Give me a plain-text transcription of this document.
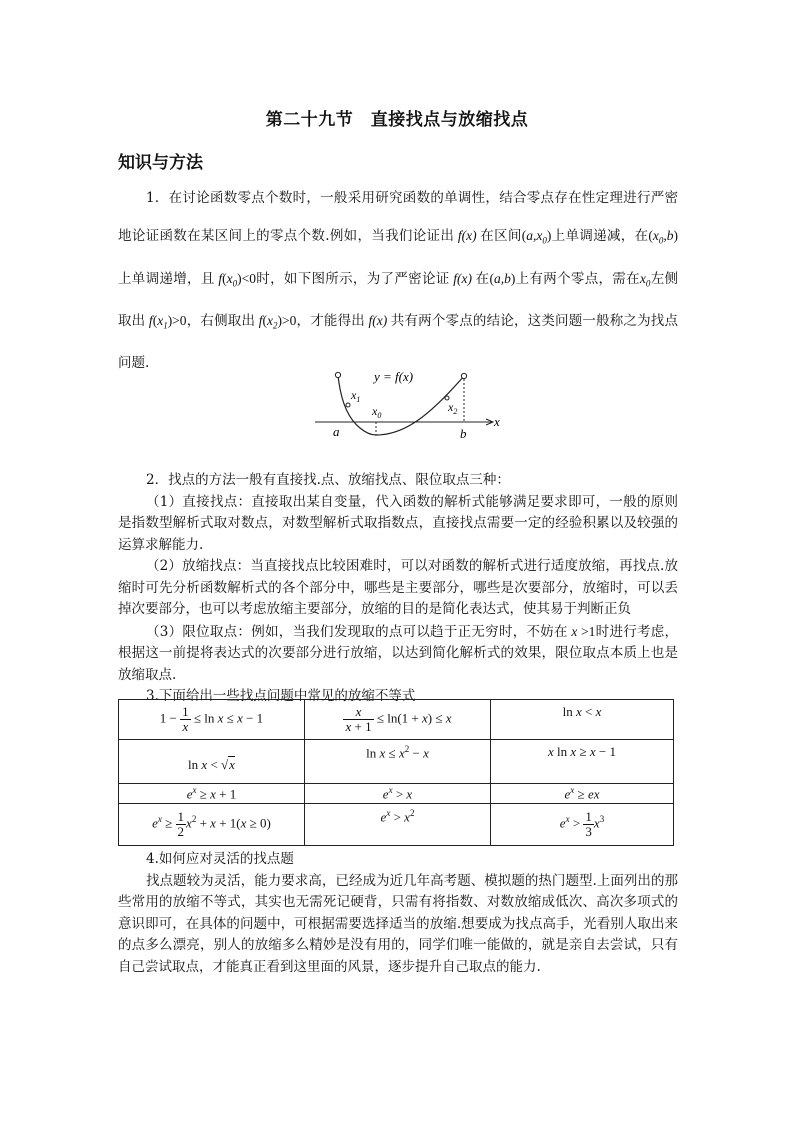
第二十九节　直接找点与放缩找点
知识与方法

1．在讨论函数零点个数时，一般采用研究函数的单调性，结合零点存在性定理进行严密地论证函数在某区间上的零点个数.例如，当我们论证出 f(x) 在区间$(a,x_0)$上单调递减，在$(x_0,b)$上单调递增，且 $f(x_0)<0$时，如下图所示，为了严密论证 f(x) 在(a,b)上有两个零点，需在$x_0$左侧取出 $f(x_1)>0$，右侧取出 $f(x_2)>0$，才能得出 f(x) 共有两个零点的结论，这类问题一般称之为找点问题.

y = f(x)
$x_1$
$x_0$
$x_2$
a	b
x

2．找点的方法一般有直接找.点、放缩找点、限位取点三种：

（1）直接找点：直接取出某自变量，代入函数的解析式能够满足要求即可，一般的原则是指数型解析式取对数点，对数型解析式取指数点，直接找点需要一定的经验积累以及较强的运算求解能力.

（2）放缩找点：当直接找点比较困难时，可以对函数的解析式进行适度放缩，再找点.放缩时可先分析函数解析式的各个部分中，哪些是主要部分，哪些是次要部分，放缩时，可以丢掉次要部分，也可以考虑放缩主要部分，放缩的目的是简化表达式，使其易于判断正负

（3）限位取点：例如，当我们发现取的点可以趋于正无穷时，不妨在 x >1时进行考虑，根据这一前提将表达式的次要部分进行放缩，以达到简化解析式的效果，限位取点本质上也是放缩取点.

3.下面给出一些找点问题中常见的放缩不等式

$1 - \frac{1}{x} \le \ln x \le x - 1$	$\frac{x}{x + 1} \le \ln(1 + x) \le x$	ln x < x
ln x < √x	$\ln x \le x^2 - x$	x ln x ≥ x − 1
$e^x \ge x + 1$	$e^x > x$	$e^x$ ≥ ex
$e^x \ge \frac{1}{2} x^2 + x + 1(x \ge 0)$	$e^x > x^2$	$e^x > \frac{1}{3} x^3$

4.如何应对灵活的找点题

找点题较为灵活，能力要求高，已经成为近几年高考题、模拟题的热门题型.上面列出的那些常用的放缩不等式，其实也无需死记硬背，只需有将指数、对数放缩成低次、高次多项式的意识即可，在具体的问题中，可根据需要选择适当的放缩.想要成为找点高手，光看别人取出来的点多么漂亮，别人的放缩多么精妙是没有用的，同学们唯一能做的，就是亲自去尝试，只有自己尝试取点，才能真正看到这里面的风景，逐步提升自己取点的能力.
